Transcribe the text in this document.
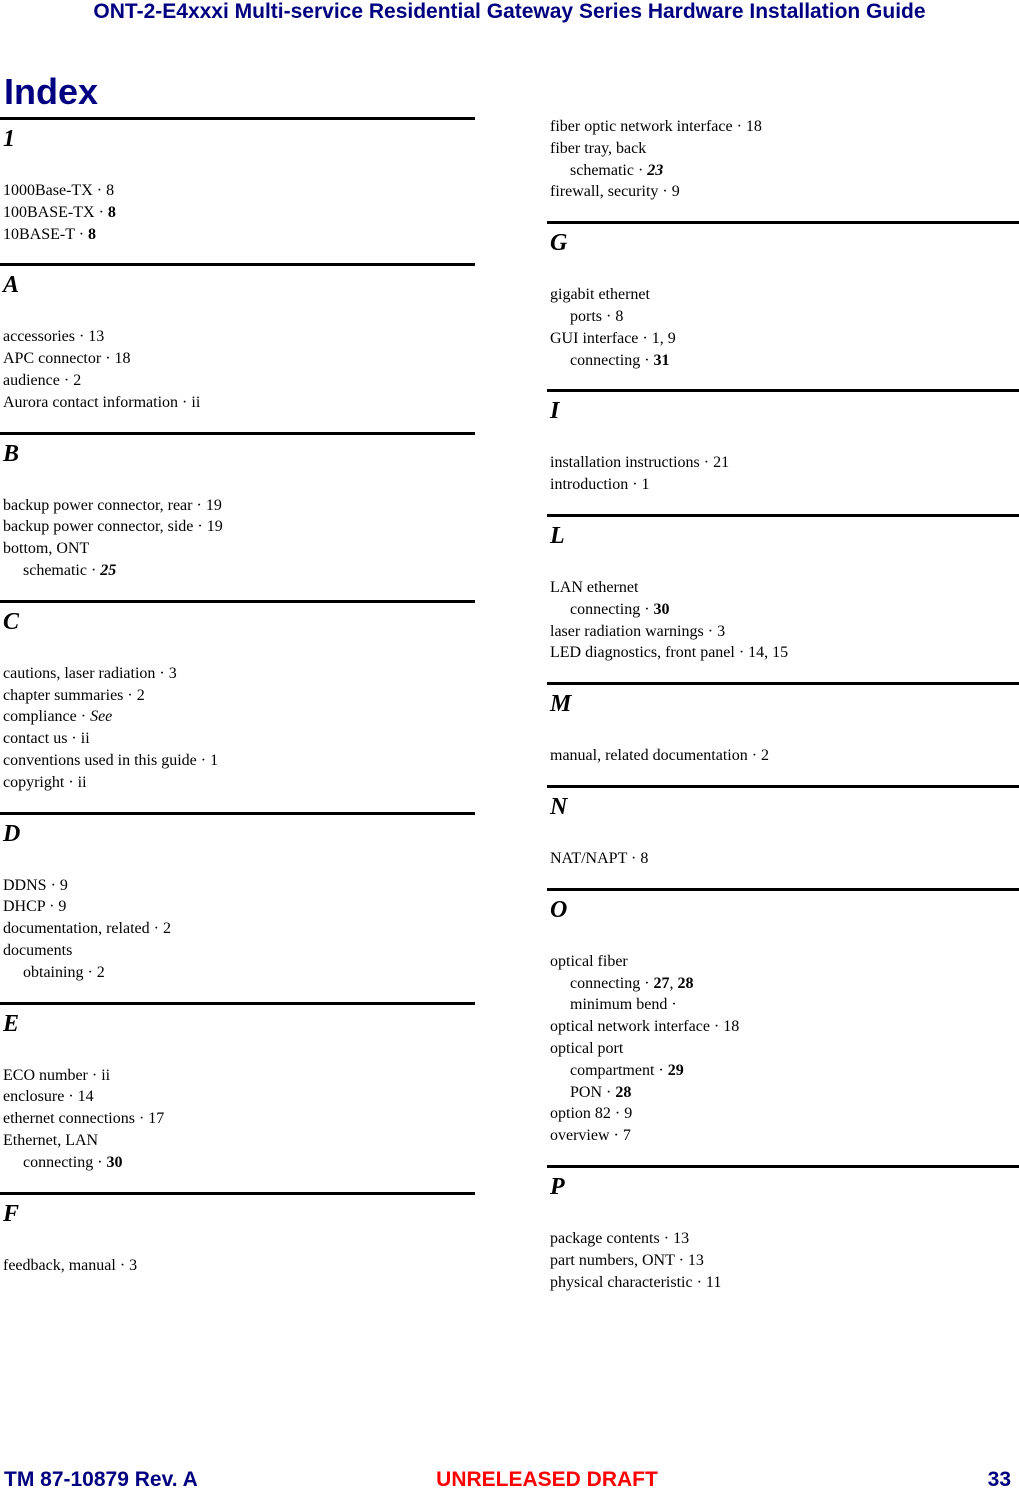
ONT-2-E4xxxi Multi-service Residential Gateway Series Hardware Installation Guide
Index
1
1000Base-TX · 8
100BASE-TX · 8
10BASE-T · 8
A
accessories · 13
APC connector · 18
audience · 2
Aurora contact information · ii
B
backup power connector, rear · 19
backup power connector, side · 19
bottom, ONT
schematic · 25
C
cautions, laser radiation · 3
chapter summaries · 2
compliance · See
contact us · ii
conventions used in this guide · 1
copyright · ii
D
DDNS · 9
DHCP · 9
documentation, related · 2
documents
obtaining · 2
E
ECO number · ii
enclosure · 14
ethernet connections · 17
Ethernet, LAN
connecting · 30
F
feedback, manual · 3
fiber optic network interface · 18
fiber tray, back
schematic · 23
firewall, security · 9
G
gigabit ethernet
ports · 8
GUI interface · 1, 9
connecting · 31
I
installation instructions · 21
introduction · 1
L
LAN ethernet
connecting · 30
laser radiation warnings · 3
LED diagnostics, front panel · 14, 15
M
manual, related documentation · 2
N
NAT/NAPT · 8
O
optical fiber
connecting · 27, 28
minimum bend ·
optical network interface · 18
optical port
compartment · 29
PON · 28
option 82 · 9
overview · 7
P
package contents · 13
part numbers, ONT · 13
physical characteristic · 11
TM 87-10879 Rev. A	UNRELEASED DRAFT	33
